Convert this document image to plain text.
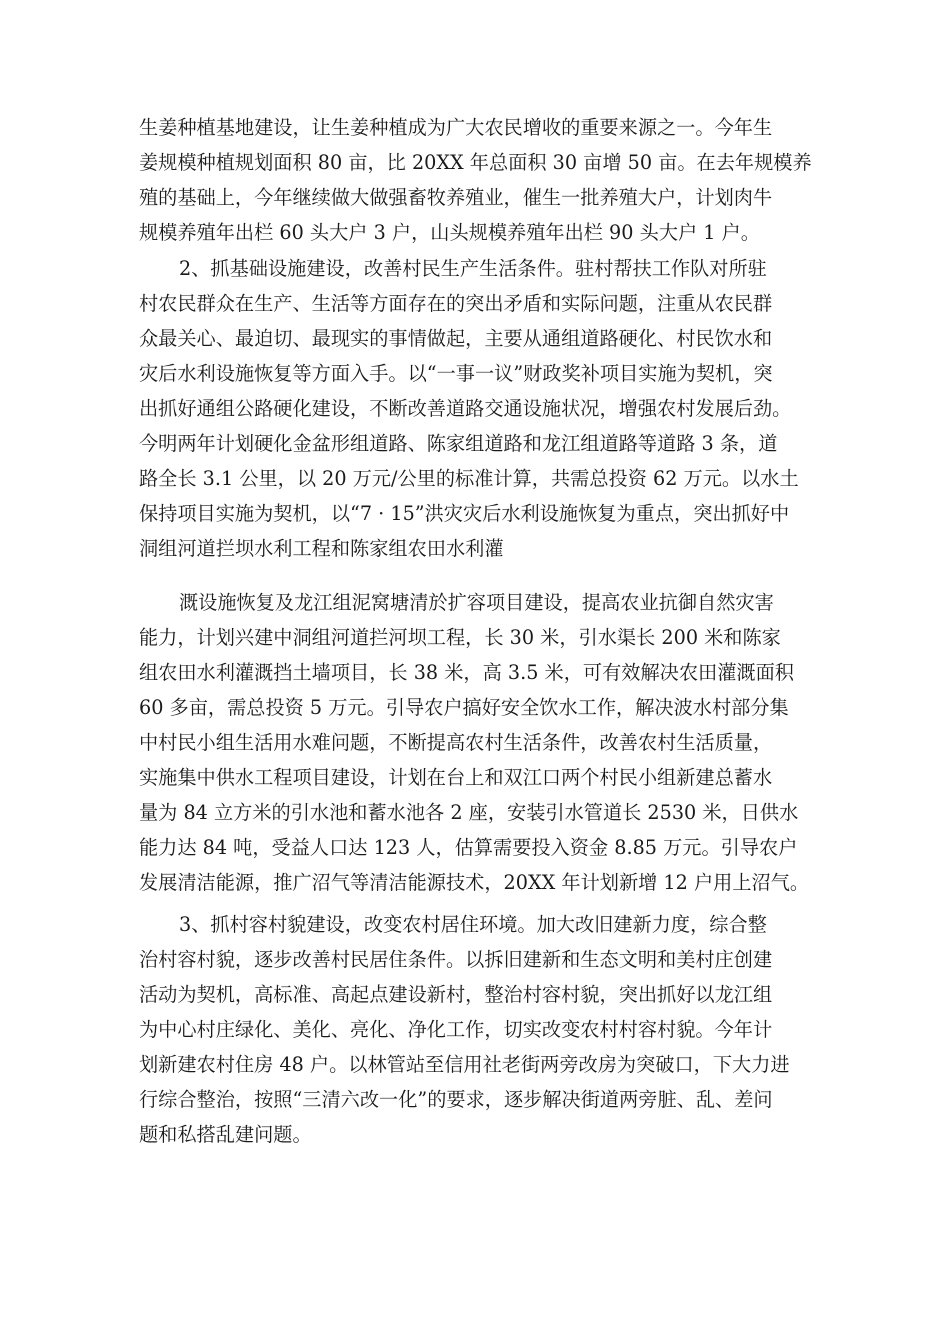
生姜种植基地建设，让生姜种植成为广大农民增收的重要来源之一。今年生
姜规模种植规划面积 80 亩，比 20XX 年总面积 30 亩增 50 亩。在去年规模养
殖的基础上，今年继续做大做强畜牧养殖业，催生一批养殖大户，计划肉牛
规模养殖年出栏 60 头大户 3 户，山头规模养殖年出栏 90 头大户 1 户。
2、抓基础设施建设，改善村民生产生活条件。驻村帮扶工作队对所驻
村农民群众在生产、生活等方面存在的突出矛盾和实际问题，注重从农民群
众最关心、最迫切、最现实的事情做起，主要从通组道路硬化、村民饮水和
灾后水利设施恢复等方面入手。以“一事一议”财政奖补项目实施为契机，突
出抓好通组公路硬化建设，不断改善道路交通设施状况，增强农村发展后劲。
今明两年计划硬化金盆形组道路、陈家组道路和龙江组道路等道路 3 条，道
路全长 3.1 公里，以 20 万元/公里的标准计算，共需总投资 62 万元。以水土
保持项目实施为契机，以“7 · 15”洪灾灾后水利设施恢复为重点，突出抓好中
洞组河道拦坝水利工程和陈家组农田水利灌
溉设施恢复及龙江组泥窝塘清於扩容项目建设，提高农业抗御自然灾害
能力，计划兴建中洞组河道拦河坝工程，长 30 米，引水渠长 200 米和陈家
组农田水利灌溉挡土墙项目，长 38 米，高 3.5 米，可有效解决农田灌溉面积
60 多亩，需总投资 5 万元。引导农户搞好安全饮水工作，解决波水村部分集
中村民小组生活用水难问题，不断提高农村生活条件，改善农村生活质量，
实施集中供水工程项目建设，计划在台上和双江口两个村民小组新建总蓄水
量为 84 立方米的引水池和蓄水池各 2 座，安装引水管道长 2530 米，日供水
能力达 84 吨，受益人口达 123 人，估算需要投入资金 8.85 万元。引导农户
发展清洁能源，推广沼气等清洁能源技术，20XX 年计划新增 12 户用上沼气。
3、抓村容村貌建设，改变农村居住环境。加大改旧建新力度，综合整
治村容村貌，逐步改善村民居住条件。以拆旧建新和生态文明和美村庄创建
活动为契机，高标准、高起点建设新村，整治村容村貌，突出抓好以龙江组
为中心村庄绿化、美化、亮化、净化工作，切实改变农村村容村貌。今年计
划新建农村住房 48 户。以林管站至信用社老街两旁改房为突破口，下大力进
行综合整治，按照“三清六改一化”的要求，逐步解决街道两旁脏、乱、差问
题和私搭乱建问题。
